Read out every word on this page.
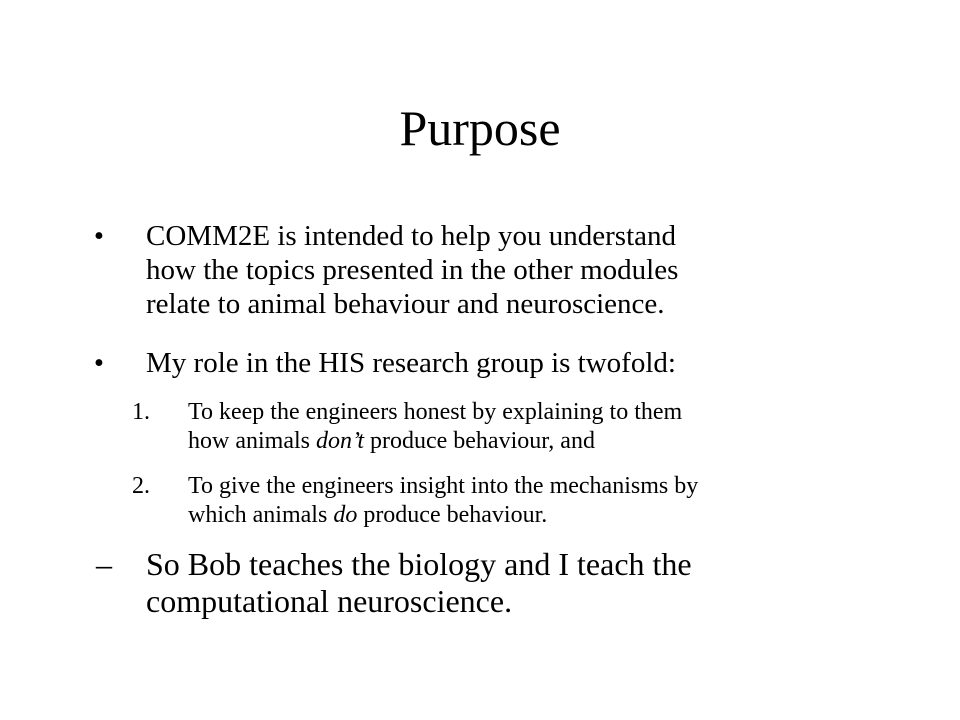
Purpose
• COMM2E is intended to help you understand
how the topics presented in the other modules
relate to animal behaviour and neuroscience.
• My role in the HIS research group is twofold:
1. To keep the engineers honest by explaining to them
how animals don’t produce behaviour, and
2. To give the engineers insight into the mechanisms by
which animals do produce behaviour.
–	So Bob teaches the biology and I teach the
computational neuroscience.
